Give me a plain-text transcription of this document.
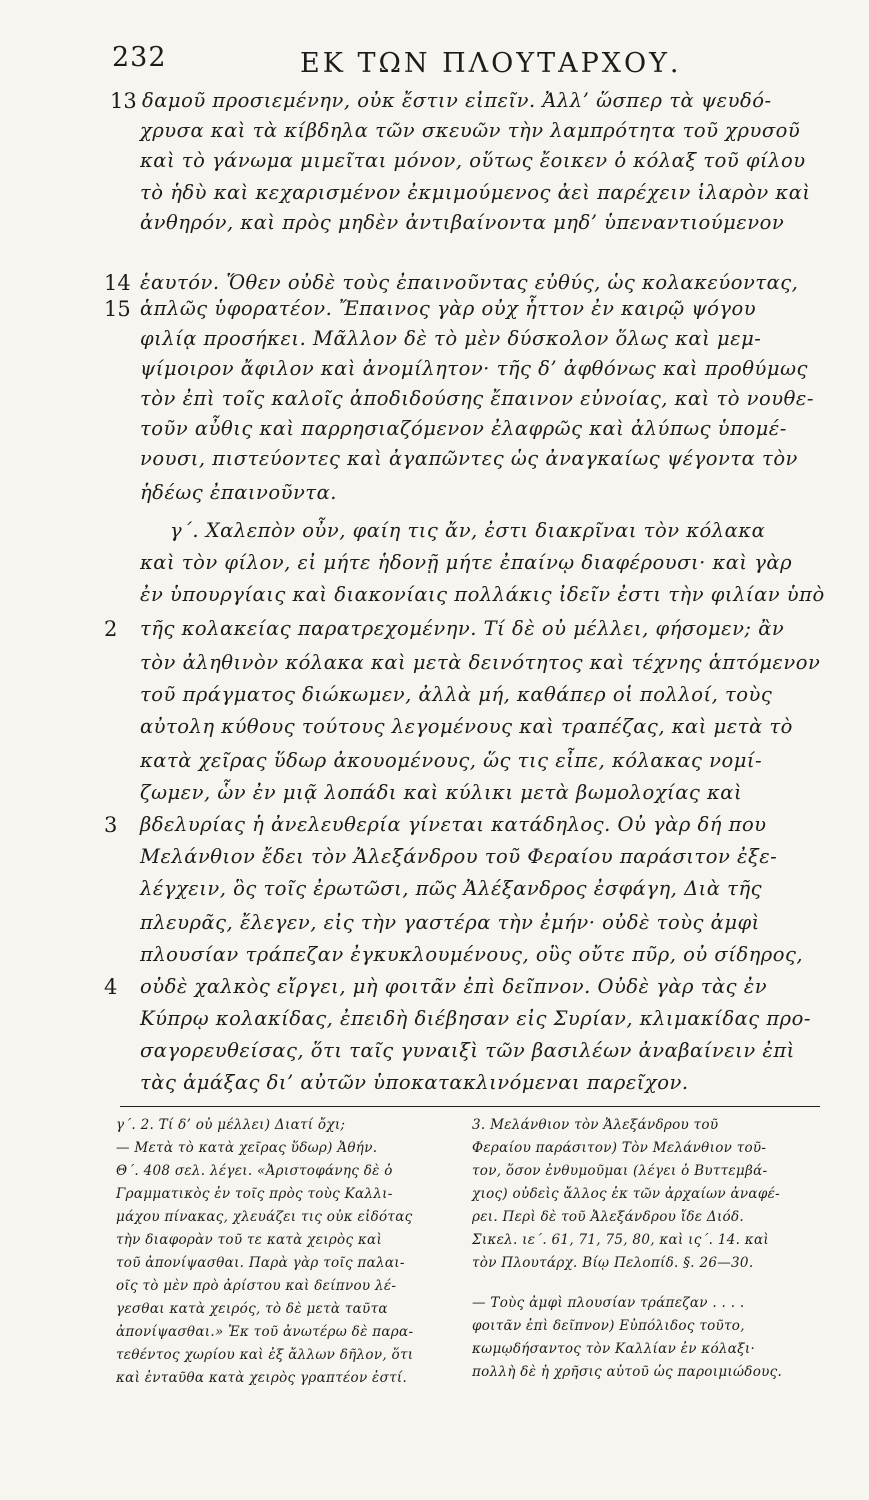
232	ΕΚ ΤΩΝ ΠΛΟΥΤΑΡΧΟΥ.
13
14
15
2
3
4
δαμοῦ προσιεμένην, οὐκ ἔστιν εἰπεῖν. Ἀλλ’ ὥσπερ τὰ ψευδό-
χρυσα καὶ τὰ κίβδηλα τῶν σκευῶν τὴν λαμπρότητα τοῦ χρυσοῦ
καὶ τὸ γάνωμα μιμεῖται μόνον, οὕτως ἔοικεν ὁ κόλαξ τοῦ φίλου
τὸ ἡδὺ καὶ κεχαρισμένον ἐκμιμούμενος ἀεὶ παρέχειν ἱλαρὸν καὶ
ἀνθηρόν, καὶ πρὸς μηδὲν ἀντιβαίνοντα μηδ’ ὑπεναντιούμενον
ἑαυτόν. Ὅθεν οὐδὲ τοὺς ἐπαινοῦντας εὐθύς, ὡς κολακεύοντας,
ἁπλῶς ὑφορατέον. Ἔπαινος γὰρ οὐχ ἧττον ἐν καιρῷ ψόγου
φιλίᾳ προσήκει. Μᾶλλον δὲ τὸ μὲν δύσκολον ὅλως καὶ μεμ-
ψίμοιρον ἄφιλον καὶ ἀνομίλητον· τῆς δ’ ἀφθόνως καὶ προθύμως
τὸν ἐπὶ τοῖς καλοῖς ἀποδιδούσης ἔπαινον εὐνοίας, καὶ τὸ νουθε-
τοῦν αὖθις καὶ παρρησιαζόμενον ἐλαφρῶς καὶ ἀλύπως ὑπομέ-
νουσι, πιστεύοντες καὶ ἀγαπῶντες ὡς ἀναγκαίως ψέγοντα τὸν
ἡδέως ἐπαινοῦντα.
γ΄. Χαλεπὸν οὖν, φαίη τις ἄν, ἐστι διακρῖναι τὸν κόλακα
καὶ τὸν φίλον, εἰ μήτε ἡδονῇ μήτε ἐπαίνῳ διαφέρουσι· καὶ γὰρ
ἐν ὑπουργίαις καὶ διακονίαις πολλάκις ἰδεῖν ἐστι τὴν φιλίαν ὑπὸ
τῆς κολακείας παρατρεχομένην. Τί δὲ οὐ μέλλει, φήσομεν; ἂν
τὸν ἀληθινὸν κόλακα καὶ μετὰ δεινότητος καὶ τέχνης ἁπτόμενον
τοῦ πράγματος διώκωμεν, ἀλλὰ μή, καθάπερ οἱ πολλοί, τοὺς
αὐτολη κύθους τούτους λεγομένους καὶ τραπέζας, καὶ μετὰ τὸ
κατὰ χεῖρας ὕδωρ ἀκουομένους, ὥς τις εἶπε, κόλακας νομί-
ζωμεν, ὧν ἐν μιᾷ λοπάδι καὶ κύλικι μετὰ βωμολοχίας καὶ
βδελυρίας ἡ ἀνελευθερία γίνεται κατάδηλος. Οὐ γὰρ δή που
Μελάνθιον ἔδει τὸν Ἀλεξάνδρου τοῦ Φεραίου παράσιτον ἐξε-
λέγχειν, ὃς τοῖς ἐρωτῶσι, πῶς Ἀλέξανδρος ἐσφάγη, Διὰ τῆς
πλευρᾶς, ἔλεγεν, εἰς τὴν γαστέρα τὴν ἐμήν· οὐδὲ τοὺς ἀμφὶ
πλουσίαν τράπεζαν ἐγκυκλουμένους, οὓς οὔτε πῦρ, οὐ σίδηρος,
οὐδὲ χαλκὸς εἴργει, μὴ φοιτᾶν ἐπὶ δεῖπνον. Οὐδὲ γὰρ τὰς ἐν
Κύπρῳ κολακίδας, ἐπειδὴ διέβησαν εἰς Συρίαν, κλιμακίδας προ-
σαγορευθείσας, ὅτι ταῖς γυναιξὶ τῶν βασιλέων ἀναβαίνειν ἐπὶ
τὰς ἁμάξας δι’ αὐτῶν ὑποκατακλινόμεναι παρεῖχον.
γ΄. 2. Τί δ’ οὐ μέλλει) Διατί ὄχι;
— Μετὰ τὸ κατὰ χεῖρας ὕδωρ) Ἀθήν.
Θ΄. 408 σελ. λέγει. «Ἀριστοφάνης δὲ ὁ
Γραμματικὸς ἐν τοῖς πρὸς τοὺς Καλλι-
μάχου πίνακας, χλευάζει τις οὐκ εἰδότας
τὴν διαφορὰν τοῦ τε κατὰ χειρὸς καὶ
τοῦ ἀπονίψασθαι. Παρὰ γὰρ τοῖς παλαι-
οῖς τὸ μὲν πρὸ ἀρίστου καὶ δείπνου λέ-
γεσθαι κατὰ χειρός, τὸ δὲ μετὰ ταῦτα
ἀπονίψασθαι.» Ἐκ τοῦ ἀνωτέρω δὲ παρα-
τεθέντος χωρίου καὶ ἐξ ἄλλων δῆλον, ὅτι
καὶ ἐνταῦθα κατὰ χειρὸς γραπτέον ἐστί.
3. Μελάνθιον τὸν Ἀλεξάνδρου τοῦ
Φεραίου παράσιτον) Τὸν Μελάνθιον τοῦ-
τον, ὅσον ἐνθυμοῦμαι (λέγει ὁ Βυττεμβά-
χιος) οὐδεὶς ἄλλος ἐκ τῶν ἀρχαίων ἀναφέ-
ρει. Περὶ δὲ τοῦ Ἀλεξάνδρου ἴδε Διόδ.
Σικελ. ιε΄. 61, 71, 75, 80, καὶ ις΄. 14. καὶ
τὸν Πλουτάρχ. Βίῳ Πελοπίδ. §. 26—30.
— Τοὺς ἀμφὶ πλουσίαν τράπεζαν . . . .
φοιτᾶν ἐπὶ δεῖπνον) Εὐπόλιδος τοῦτο,
κωμῳδήσαντος τὸν Καλλίαν ἐν κόλαξι·
πολλὴ δὲ ἡ χρῆσις αὐτοῦ ὡς παροιμιώδους.
